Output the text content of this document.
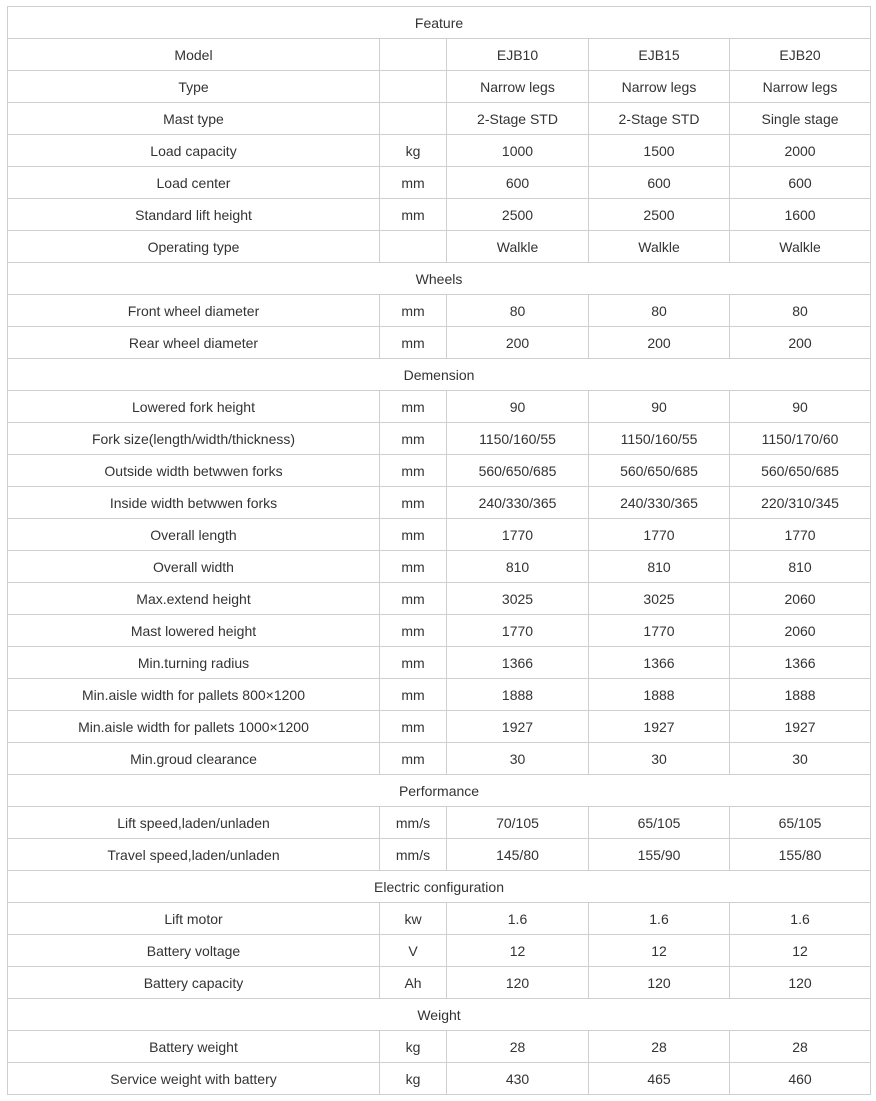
Feature				
Model		EJB10	EJB15	EJB20
Type		Narrow legs	Narrow legs	Narrow legs
Mast type		2-Stage STD	2-Stage STD	Single stage
Load capacity	kg	1000	1500	2000
Load center	mm	600	600	600
Standard lift height	mm	2500	2500	1600
Operating type		Walkle	Walkle	Walkle
Wheels				
Front wheel diameter	mm	80	80	80
Rear wheel diameter	mm	200	200	200
Demension				
Lowered fork height	mm	90	90	90
Fork size(length/width/thickness)	mm	1150/160/55	1150/160/55	1150/170/60
Outside width betwwen forks	mm	560/650/685	560/650/685	560/650/685
Inside width betwwen forks	mm	240/330/365	240/330/365	220/310/345
Overall length	mm	1770	1770	1770
Overall width	mm	810	810	810
Max.extend height	mm	3025	3025	2060
Mast lowered height	mm	1770	1770	2060
Min.turning radius	mm	1366	1366	1366
Min.aisle width for pallets 800×1200	mm	1888	1888	1888
Min.aisle width for pallets 1000×1200	mm	1927	1927	1927
Min.groud clearance	mm	30	30	30
Performance				
Lift speed,laden/unladen	mm/s	70/105	65/105	65/105
Travel speed,laden/unladen	mm/s	145/80	155/90	155/80
Electric configuration				
Lift motor	kw	1.6	1.6	1.6
Battery voltage	V	12	12	12
Battery capacity	Ah	120	120	120
Weight				
Battery weight	kg	28	28	28
Service weight with battery	kg	430	465	460
